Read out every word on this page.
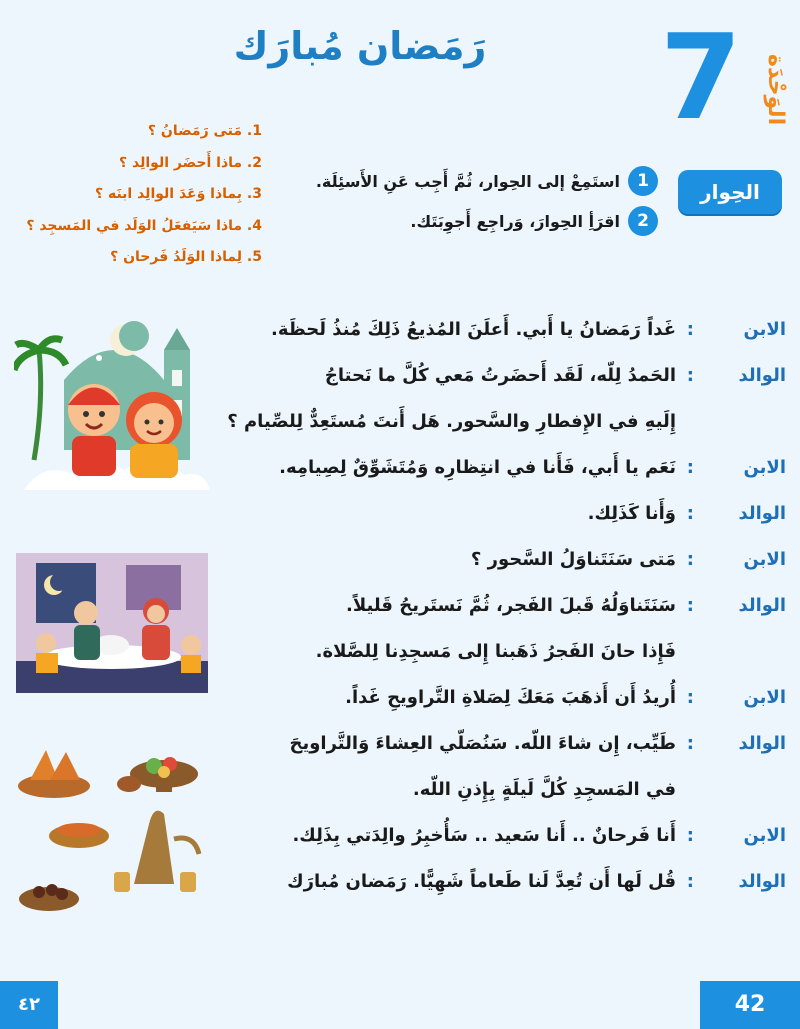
رَمَضان مُبارَك 7 الوَحْدَة
1. مَتى رَمَضانُ ؟
2. ماذا أَحضَر الوالِد ؟
3. بِماذا وَعَدَ الوالِد ابنَه ؟
4. ماذا سَيَفعَلُ الوَلَد في المَسجِد ؟
5. لِماذا الوَلَدُ فَرحان ؟
الحِوار
1
استَمِعْ إلى الحِوار، ثُمَّ أَجِب عَنِ الأَسئِلَة.
2
اقرَأِ الحِوارَ، وَراجِع أَجوِبَتَك.
الابن
:
غَداً رَمَضانُ يا أَبي. أَعلَنَ المُذيعُ ذَلِكَ مُنذُ لَحظَة.
الوالد
:
الحَمدُ لِلّه، لَقَد أَحضَرتُ مَعي كُلَّ ما نَحتاجُ
إِلَيهِ في الإِفطارِ والسَّحور. هَل أَنتَ مُستَعِدٌّ لِلصِّيام ؟
الابن
:
نَعَم يا أَبي، فَأَنا في انتِظارِه وَمُتَشَوِّقٌ لِصِيامِه.
الوالد
:
وَأَنا كَذَلِك.
الابن
:
مَتى سَنَتَناوَلُ السَّحور ؟
الوالد
:
سَنَتَناوَلُهُ قَبلَ الفَجر، ثُمَّ نَستَريحُ قَليلاً.
فَإِذا حانَ الفَجرُ ذَهَبنا إِلى مَسجِدِنا لِلصَّلاة.
الابن
:
أُريدُ أَن أَذهَبَ مَعَكَ لِصَلاةِ التَّراويحِ غَداً.
الوالد
:
طَيِّب، إِن شاءَ اللّه. سَنُصَلّي العِشاءَ وَالتَّراويحَ
في المَسجِدِ كُلَّ لَيلَةٍ بِإِذنِ اللّه.
الابن
:
أَنا فَرحانٌ .. أَنا سَعيد .. سَأُخبِرُ والِدَتي بِذَلِك.
الوالد
:
قُل لَها أَن تُعِدَّ لَنا طَعاماً شَهِيًّا. رَمَضان مُبارَك
٤٢	42
